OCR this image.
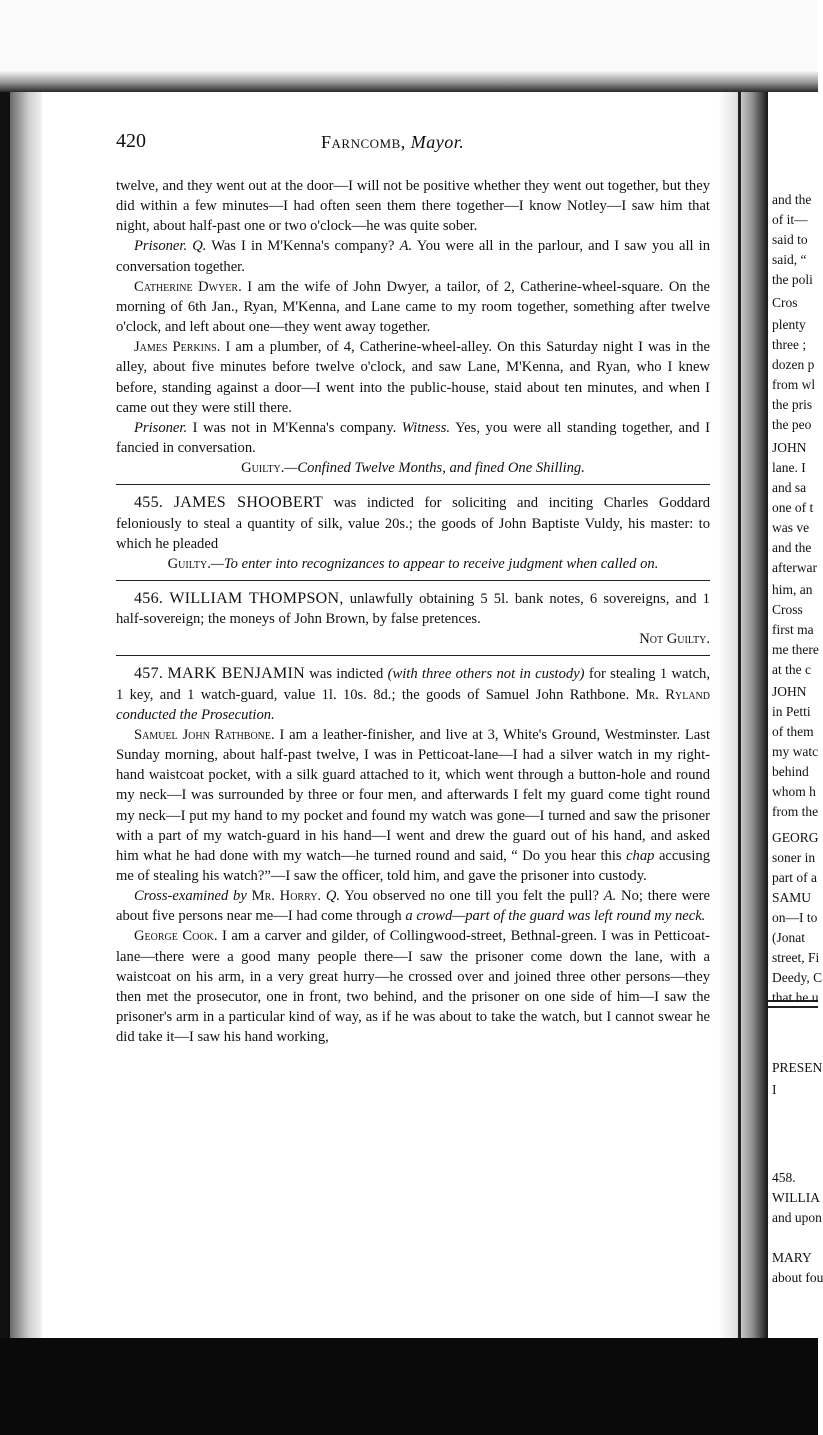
420	Farncomb, Mayor.

twelve, and they went out at the door—I will not be positive whether they went out together, but they did within a few minutes—I had often seen them there together—I know Notley—I saw him that night, about half-past one or two o'clock—he was quite sober.

Prisoner. Q. Was I in M'Kenna's company? A. You were all in the parlour, and I saw you all in conversation together.

Catherine Dwyer. I am the wife of John Dwyer, a tailor, of 2, Catherine-wheel-square. On the morning of 6th Jan., Ryan, M'Kenna, and Lane came to my room together, something after twelve o'clock, and left about one—they went away together.

James Perkins. I am a plumber, of 4, Catherine-wheel-alley. On this Saturday night I was in the alley, about five minutes before twelve o'clock, and saw Lane, M'Kenna, and Ryan, who I knew before, standing against a door—I went into the public-house, staid about ten minutes, and when I came out they were still there.

Prisoner. I was not in M'Kenna's company. Witness. Yes, you were all standing together, and I fancied in conversation.

Guilty.—Confined Twelve Months, and fined One Shilling.

455. JAMES SHOOBERT was indicted for soliciting and inciting Charles Goddard feloniously to steal a quantity of silk, value 20s.; the goods of John Baptiste Vuldy, his master: to which he pleaded

Guilty.—To enter into recognizances to appear to receive judgment when called on.

456. WILLIAM THOMPSON, unlawfully obtaining 5 5l. bank notes, 6 sovereigns, and 1 half-sovereign; the moneys of John Brown, by false pretences.

Not Guilty.

457. MARK BENJAMIN was indicted (with three others not in custody) for stealing 1 watch, 1 key, and 1 watch-guard, value 1l. 10s. 8d.; the goods of Samuel John Rathbone. Mr. Ryland conducted the Prosecution.

Samuel John Rathbone. I am a leather-finisher, and live at 3, White's Ground, Westminster. Last Sunday morning, about half-past twelve, I was in Petticoat-lane—I had a silver watch in my right-hand waistcoat pocket, with a silk guard attached to it, which went through a button-hole and round my neck—I was surrounded by three or four men, and afterwards I felt my guard come tight round my neck—I put my hand to my pocket and found my watch was gone—I turned and saw the prisoner with a part of my watch-guard in his hand—I went and drew the guard out of his hand, and asked him what he had done with my watch—he turned round and said, “ Do you hear this chap accusing me of stealing his watch?”—I saw the officer, told him, and gave the prisoner into custody.

Cross-examined by Mr. Horry. Q. You observed no one till you felt the pull? A. No; there were about five persons near me—I had come through a crowd—part of the guard was left round my neck.

George Cook. I am a carver and gilder, of Collingwood-street, Bethnal-green. I was in Petticoat-lane—there were a good many people there—I saw the prisoner come down the lane, with a waistcoat on his arm, in a very great hurry—he crossed over and joined three other persons—they then met the prosecutor, one in front, two behind, and the prisoner on one side of him—I saw the prisoner's arm in a particular kind of way, as if he was about to take the watch, but I cannot swear he did take it—I saw his hand working,

and the
of it—
said to
said, “
the poli
Cros
plenty
three ;
dozen p
from wl
the pris
the peo
JOHN
lane. I
and sa
one of t
was ve
and the
afterwar
him, an
Cross
first ma
me there
at the c
JOHN
in Petti
of them
my watc
behind
whom h
from the
GEORG
soner in
part of a
SAMU
on—I to
(Jonat
street, Fi
Deedy, C
that he u
PRESEN
I
458.
WILLIA
and upon
MARY
about fou
